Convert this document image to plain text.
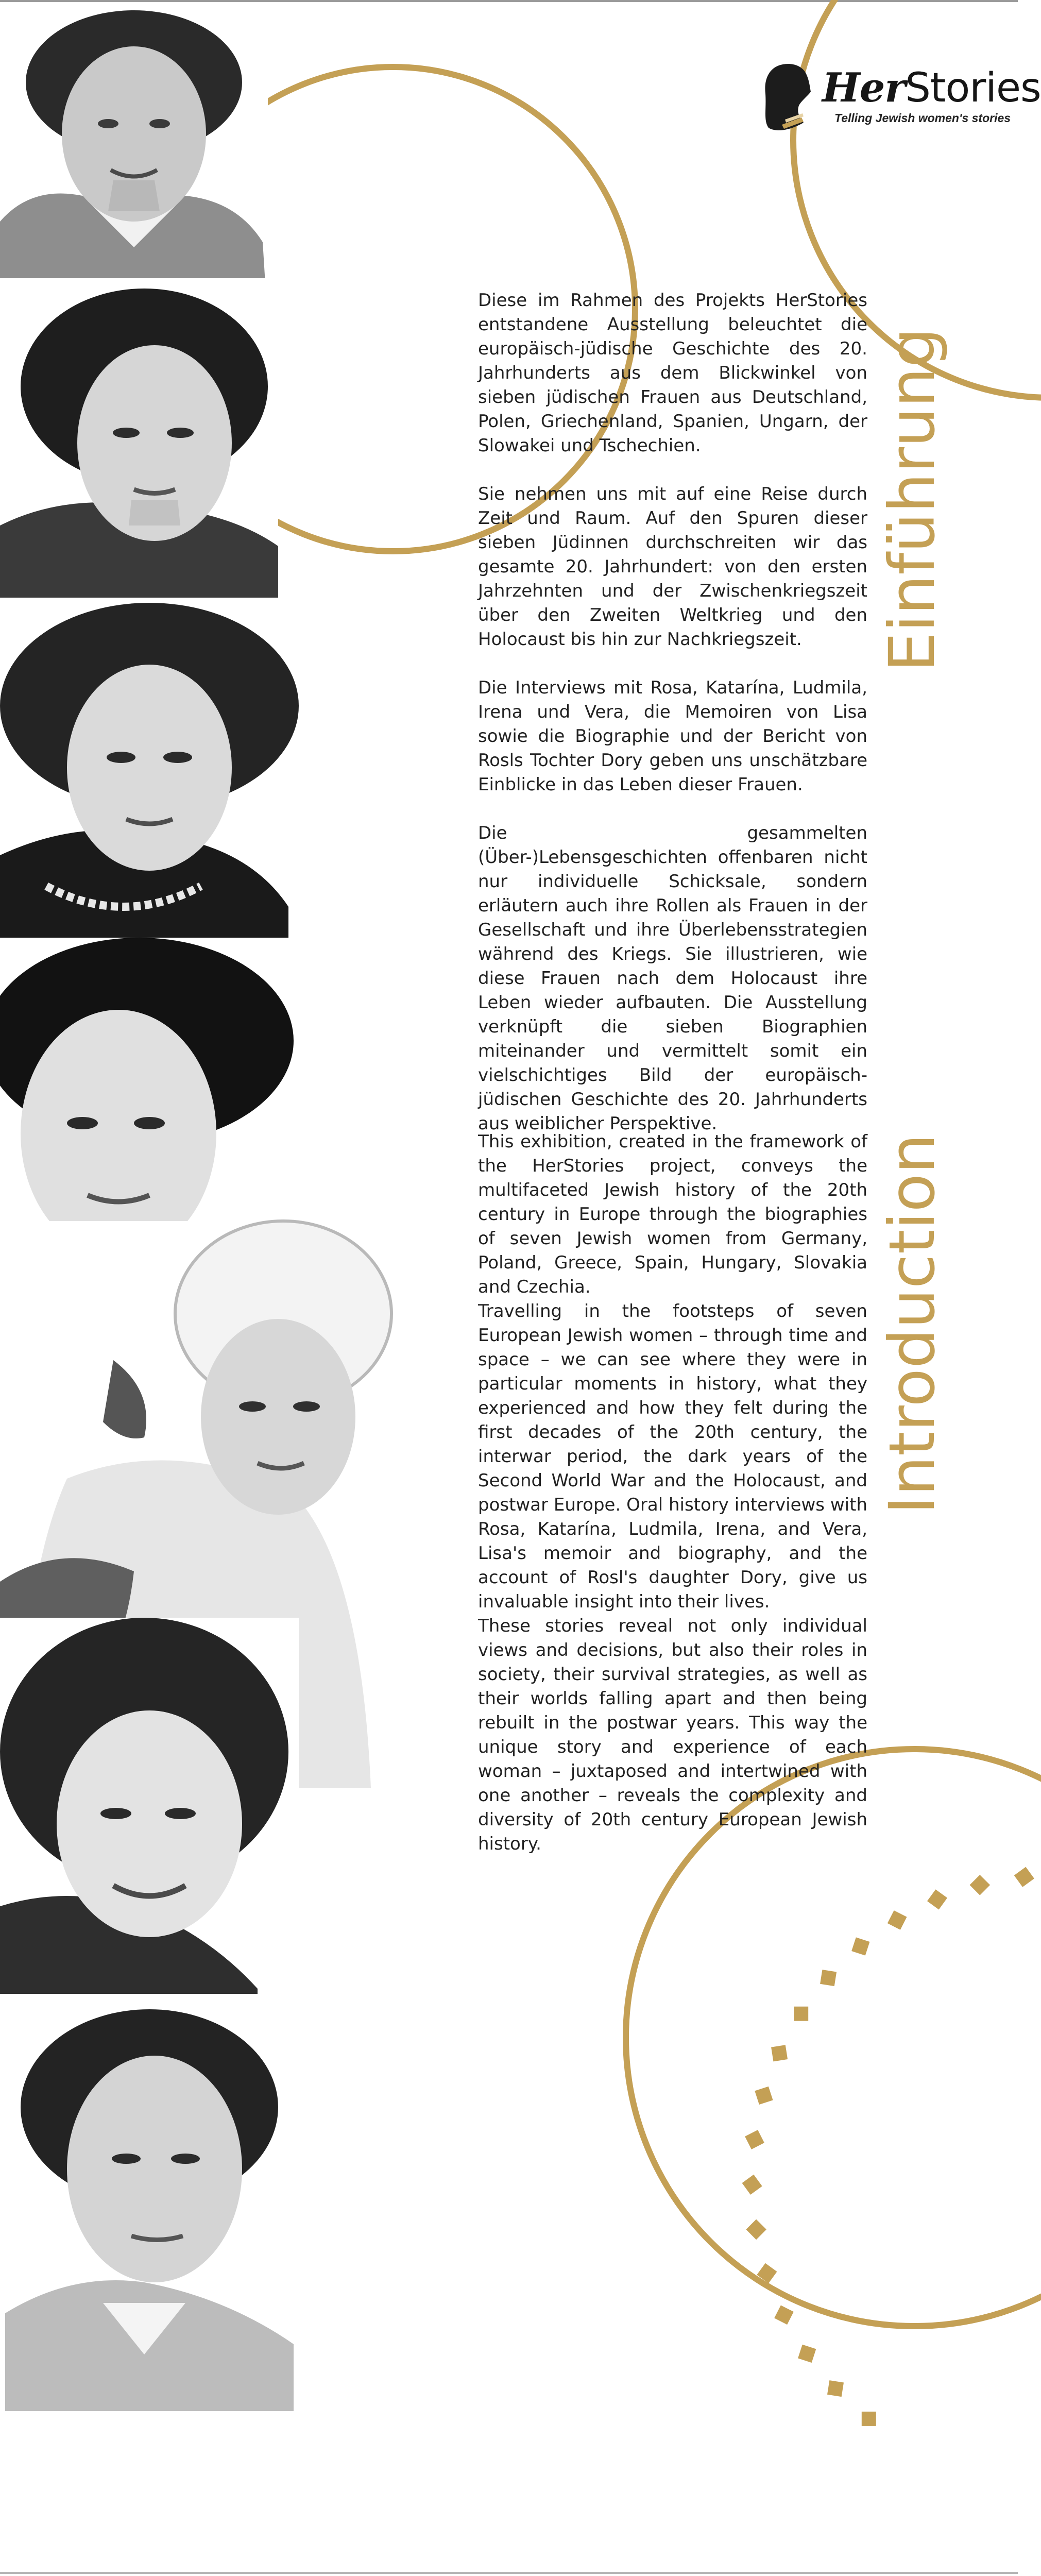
HerStories
Telling Jewish women's stories
Einführung
Introduction

Diese im Rahmen des Projekts HerStories entstandene Ausstellung beleuchtet die europäisch-jüdische Geschichte des 20. Jahrhunderts aus dem Blickwinkel von sieben jüdischen Frauen aus Deutschland, Polen, Griechenland, Spanien, Ungarn, der Slowakei und Tschechien.

Sie nehmen uns mit auf eine Reise durch Zeit und Raum. Auf den Spuren dieser sieben Jüdinnen durchschreiten wir das gesamte 20. Jahrhundert: von den ersten Jahrzehnten und der Zwischenkriegszeit über den Zweiten Weltkrieg und den Holocaust bis hin zur Nachkriegszeit.

Die Interviews mit Rosa, Katarína, Ludmila, Irena und Vera, die Memoiren von Lisa sowie die Biographie und der Bericht von Rosls Tochter Dory geben uns unschätzbare Einblicke in das Leben dieser Frauen.

Die gesammelten (Über-)Lebensgeschichten offenbaren nicht nur individuelle Schicksale, sondern erläutern auch ihre Rollen als Frauen in der Gesellschaft und ihre Überlebensstrategien während des Kriegs. Sie illustrieren, wie diese Frauen nach dem Holocaust ihre Leben wieder aufbauten. Die Ausstellung verknüpft die sieben Biographien miteinander und vermittelt somit ein vielschichtiges Bild der europäisch-jüdischen Geschichte des 20. Jahrhunderts aus weiblicher Perspektive.

This exhibition, created in the framework of the HerStories project, conveys the multifaceted Jewish history of the 20th century in Europe through the biographies of seven Jewish women from Germany, Poland, Greece, Spain, Hungary, Slovakia and Czechia.

Travelling in the footsteps of seven European Jewish women – through time and space – we can see where they were in particular moments in history, what they experienced and how they felt during the first decades of the 20th century, the interwar period, the dark years of the Second World War and the Holocaust, and postwar Europe. Oral history interviews with Rosa, Katarína, Ludmila, Irena, and Vera, Lisa's memoir and biography, and the account of Rosl's daughter Dory, give us invaluable insight into their lives.

These stories reveal not only individual views and decisions, but also their roles in society, their survival strategies, as well as their worlds falling apart and then being rebuilt in the postwar years. This way the unique story and experience of each woman – juxtaposed and intertwined with one another – reveals the complexity and diversity of 20th century European Jewish history.
